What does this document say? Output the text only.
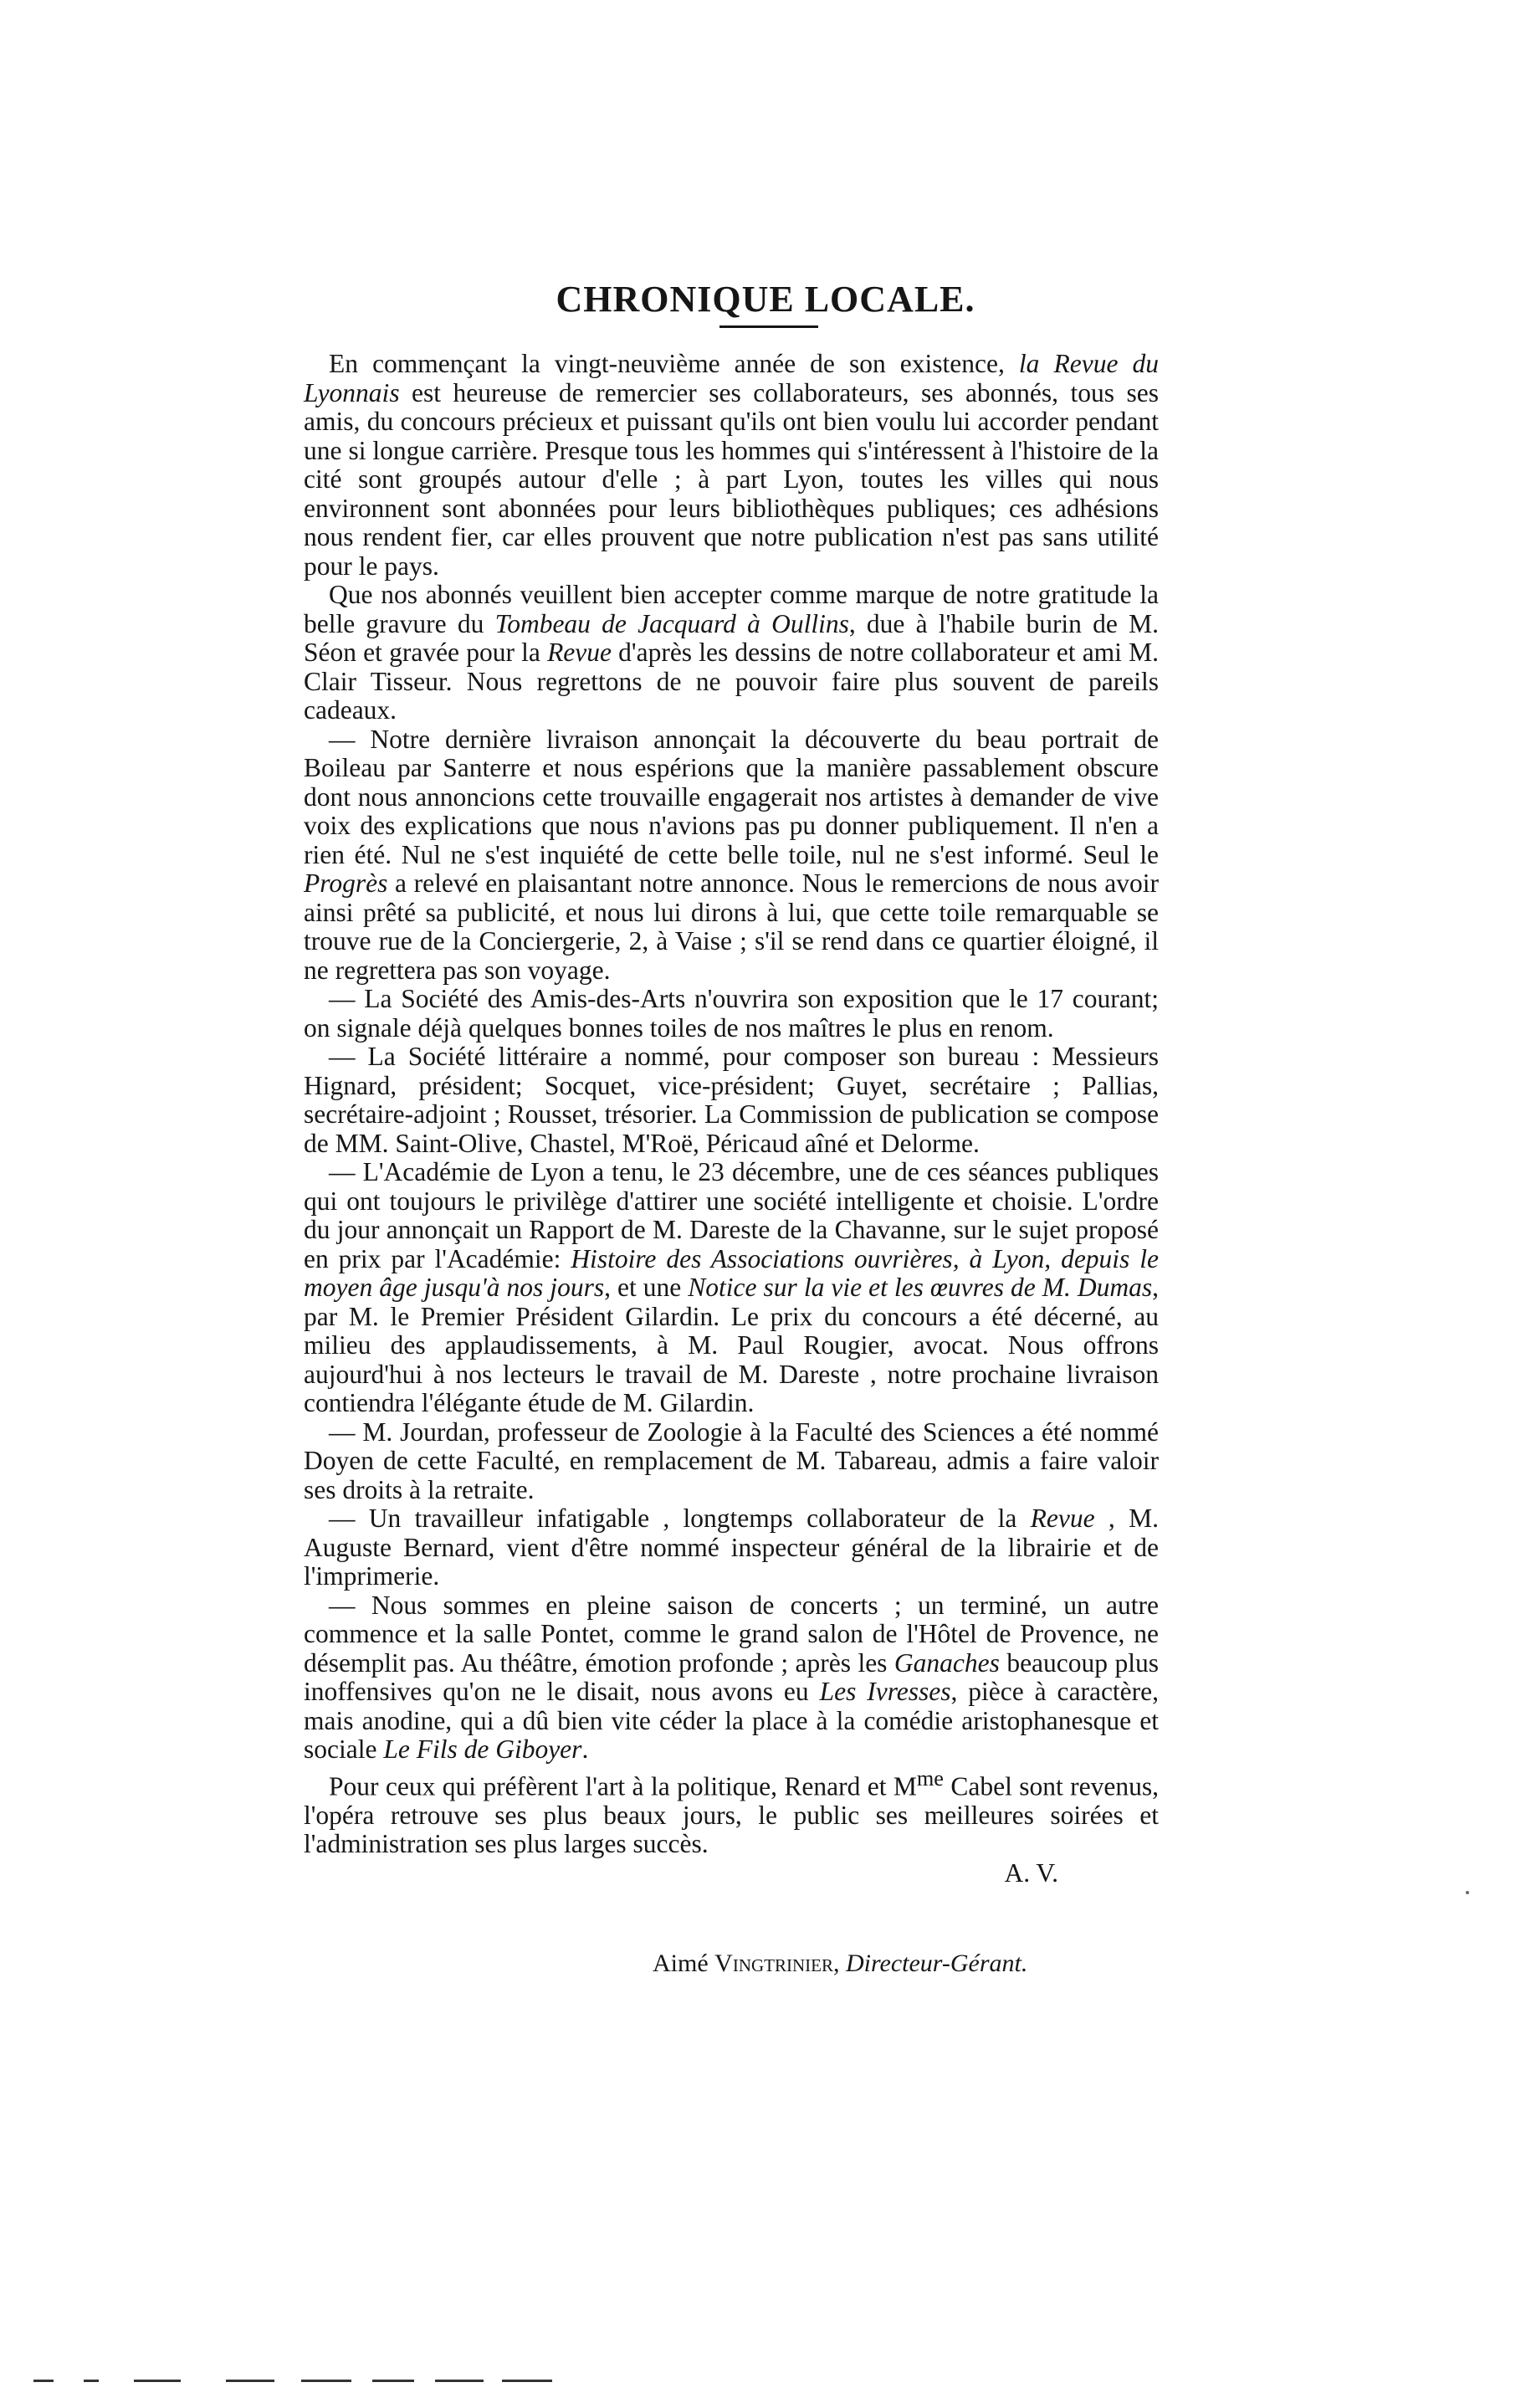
CHRONIQUE LOCALE.

En commençant la vingt-neuvième année de son existence, la Revue du Lyonnais est heureuse de remercier ses collaborateurs, ses abonnés, tous ses amis, du concours précieux et puissant qu'ils ont bien voulu lui accorder pendant une si longue carrière. Presque tous les hommes qui s'intéressent à l'histoire de la cité sont groupés autour d'elle ; à part Lyon, toutes les villes qui nous environnent sont abonnées pour leurs bibliothèques publiques; ces adhésions nous rendent fier, car elles prouvent que notre publication n'est pas sans utilité pour le pays.

Que nos abonnés veuillent bien accepter comme marque de notre gratitude la belle gravure du Tombeau de Jacquard à Oullins, due à l'habile burin de M. Séon et gravée pour la Revue d'après les dessins de notre collaborateur et ami M. Clair Tisseur. Nous regrettons de ne pouvoir faire plus souvent de pareils cadeaux.

— Notre dernière livraison annonçait la découverte du beau portrait de Boileau par Santerre et nous espérions que la manière passablement obscure dont nous annoncions cette trouvaille engagerait nos artistes à demander de vive voix des explications que nous n'avions pas pu donner publiquement. Il n'en a rien été. Nul ne s'est inquiété de cette belle toile, nul ne s'est informé. Seul le Progrès a relevé en plaisantant notre annonce. Nous le remercions de nous avoir ainsi prêté sa publicité, et nous lui dirons à lui, que cette toile remarquable se trouve rue de la Conciergerie, 2, à Vaise ; s'il se rend dans ce quartier éloigné, il ne regrettera pas son voyage.

— La Société des Amis-des-Arts n'ouvrira son exposition que le 17 courant; on signale déjà quelques bonnes toiles de nos maîtres le plus en renom.

— La Société littéraire a nommé, pour composer son bureau : Messieurs Hignard, président; Socquet, vice-président; Guyet, secrétaire ; Pallias, secrétaire-adjoint ; Rousset, trésorier. La Commission de publication se compose de MM. Saint-Olive, Chastel, M'Roë, Péricaud aîné et Delorme.

— L'Académie de Lyon a tenu, le 23 décembre, une de ces séances publiques qui ont toujours le privilège d'attirer une société intelligente et choisie. L'ordre du jour annonçait un Rapport de M. Dareste de la Chavanne, sur le sujet proposé en prix par l'Académie: Histoire des Associations ouvrières, à Lyon, depuis le moyen âge jusqu'à nos jours, et une Notice sur la vie et les œuvres de M. Dumas, par M. le Premier Président Gilardin. Le prix du concours a été décerné, au milieu des applaudissements, à M. Paul Rougier, avocat. Nous offrons aujourd'hui à nos lecteurs le travail de M. Dareste , notre prochaine livraison contiendra l'élégante étude de M. Gilardin.

— M. Jourdan, professeur de Zoologie à la Faculté des Sciences a été nommé Doyen de cette Faculté, en remplacement de M. Tabareau, admis a faire valoir ses droits à la retraite.

— Un travailleur infatigable , longtemps collaborateur de la Revue , M. Auguste Bernard, vient d'être nommé inspecteur général de la librairie et de l'imprimerie.

— Nous sommes en pleine saison de concerts ; un terminé, un autre commence et la salle Pontet, comme le grand salon de l'Hôtel de Provence, ne désemplit pas. Au théâtre, émotion profonde ; après les Ganaches beaucoup plus inoffensives qu'on ne le disait, nous avons eu Les Ivresses, pièce à caractère, mais anodine, qui a dû bien vite céder la place à la comédie aristophanesque et sociale Le Fils de Giboyer.

Pour ceux qui préfèrent l'art à la politique, Renard et $M^{me}$ Cabel sont revenus, l'opéra retrouve ses plus beaux jours, le public ses meilleures soirées et l'administration ses plus larges succès.

A. V.

Aimé Vingtrinier, Directeur-Gérant.
